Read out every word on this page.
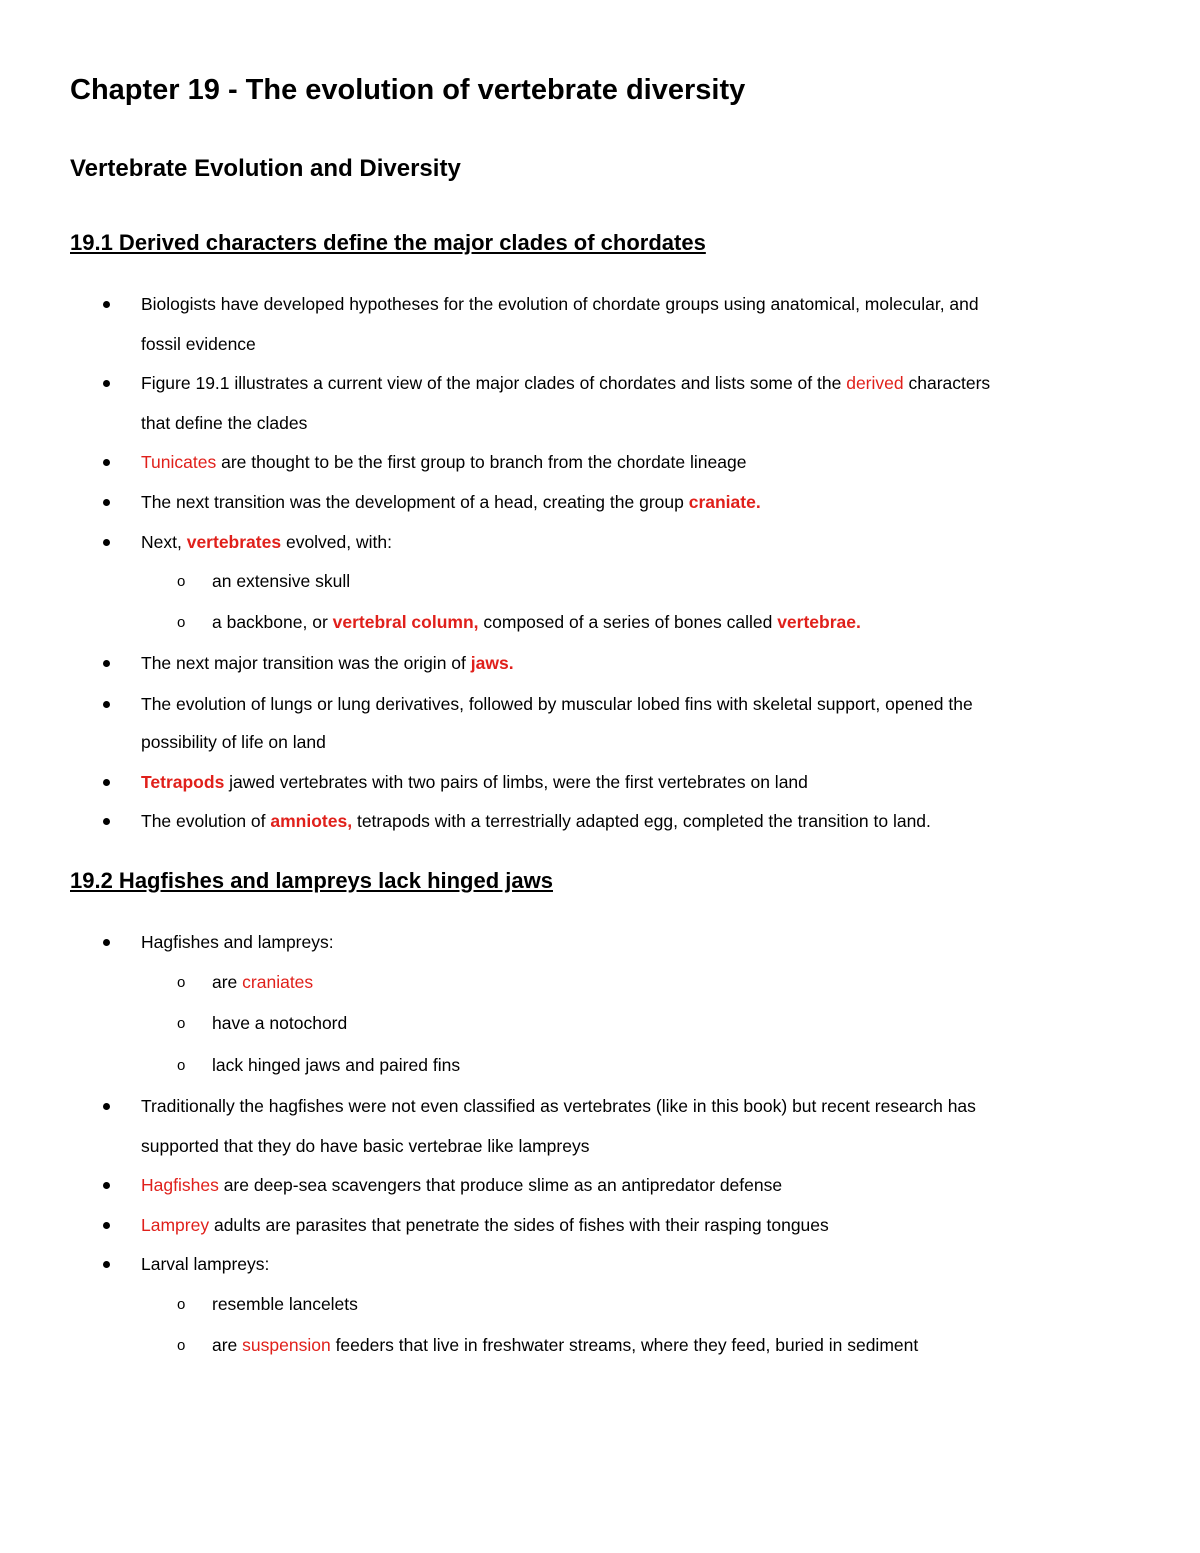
Chapter 19 - The evolution of vertebrate diversity
Vertebrate Evolution and Diversity
19.1 Derived characters define the major clades of chordates
Biologists have developed hypotheses for the evolution of chordate groups using anatomical, molecular, and
fossil evidence
Figure 19.1 illustrates a current view of the major clades of chordates and lists some of the derived characters
that define the clades
Tunicates are thought to be the first group to branch from the chordate lineage
The next transition was the development of a head, creating the group craniate.
Next, vertebrates evolved, with:
o an extensive skull
o a backbone, or vertebral column, composed of a series of bones called vertebrae.
The next major transition was the origin of jaws.
The evolution of lungs or lung derivatives, followed by muscular lobed fins with skeletal support, opened the
possibility of life on land
Tetrapods jawed vertebrates with two pairs of limbs, were the first vertebrates on land
The evolution of amniotes, tetrapods with a terrestrially adapted egg, completed the transition to land.
19.2 Hagfishes and lampreys lack hinged jaws
Hagfishes and lampreys:
o are craniates
o have a notochord
o lack hinged jaws and paired fins
Traditionally the hagfishes were not even classified as vertebrates (like in this book) but recent research has
supported that they do have basic vertebrae like lampreys
Hagfishes are deep-sea scavengers that produce slime as an antipredator defense
Lamprey adults are parasites that penetrate the sides of fishes with their rasping tongues
Larval lampreys:
o resemble lancelets
o are suspension feeders that live in freshwater streams, where they feed, buried in sediment
